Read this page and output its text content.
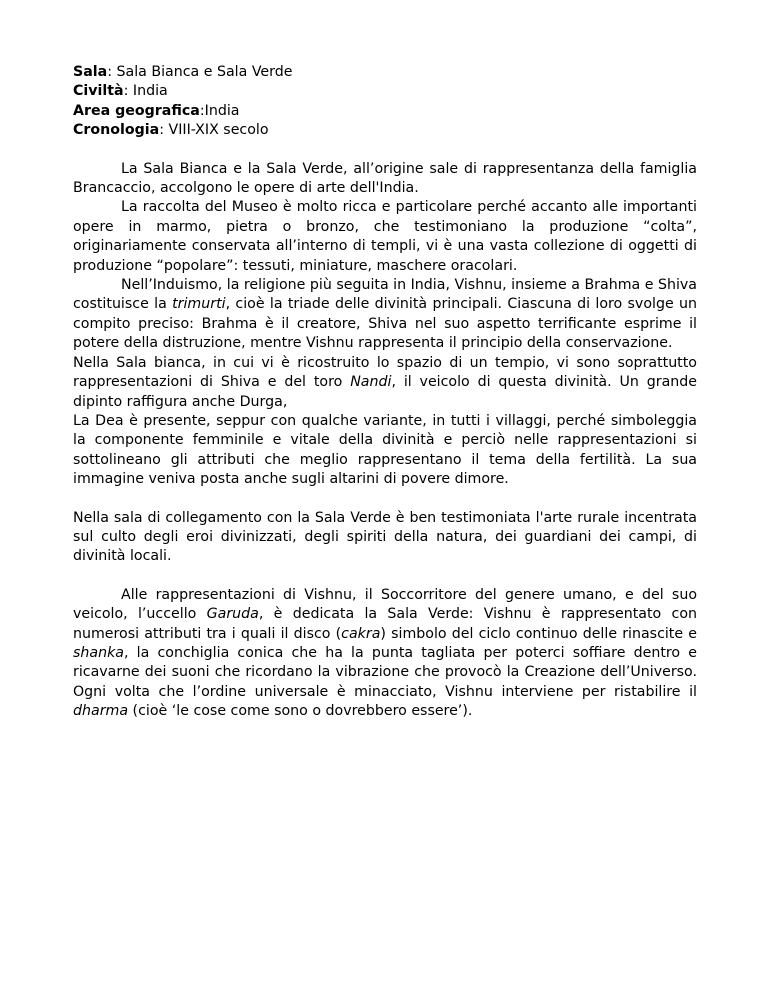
Sala: Sala Bianca e Sala Verde

Civiltà: India

Area geografica:India

Cronologia: VIII-XIX secolo

La Sala Bianca e la Sala Verde, all’origine sale di rappresentanza della famiglia Brancaccio, accolgono le opere di arte dell'India.

La raccolta del Museo è molto ricca e particolare perché accanto alle importanti opere in marmo, pietra o bronzo, che testimoniano la produzione “colta”, originariamente conservata all’interno di templi, vi è una vasta collezione di oggetti di produzione “popolare”: tessuti, miniature, maschere oracolari.

Nell’Induismo, la religione più seguita in India, Vishnu, insieme a Brahma e Shiva costituisce la trimurti, cioè la triade delle divinità principali. Ciascuna di loro svolge un compito preciso: Brahma è il creatore, Shiva nel suo aspetto terrificante esprime il potere della distruzione, mentre Vishnu rappresenta il principio della conservazione.

Nella Sala bianca, in cui vi è ricostruito lo spazio di un tempio, vi sono soprattutto rappresentazioni di Shiva e del toro Nandi, il veicolo di questa divinità. Un grande dipinto raffigura anche Durga,

La Dea è presente, seppur con qualche variante, in tutti i villaggi, perché simboleggia la componente femminile e vitale della divinità e perciò nelle rappresentazioni si sottolineano gli attributi che meglio rappresentano il tema della fertilità. La sua immagine veniva posta anche sugli altarini di povere dimore.

Nella sala di collegamento con la Sala Verde è ben testimoniata l'arte rurale incentrata sul culto degli eroi divinizzati, degli spiriti della natura, dei guardiani dei campi, di divinità locali.

Alle rappresentazioni di Vishnu, il Soccorritore del genere umano, e del suo veicolo, l’uccello Garuda, è dedicata la Sala Verde: Vishnu è rappresentato con numerosi attributi tra i quali il disco (cakra) simbolo del ciclo continuo delle rinascite e shanka, la conchiglia conica che ha la punta tagliata per poterci soffiare dentro e ricavarne dei suoni che ricordano la vibrazione che provocò la Creazione dell’Universo. Ogni volta che l’ordine universale è minacciato, Vishnu interviene per ristabilire il dharma (cioè ‘le cose come sono o dovrebbero essere’).
